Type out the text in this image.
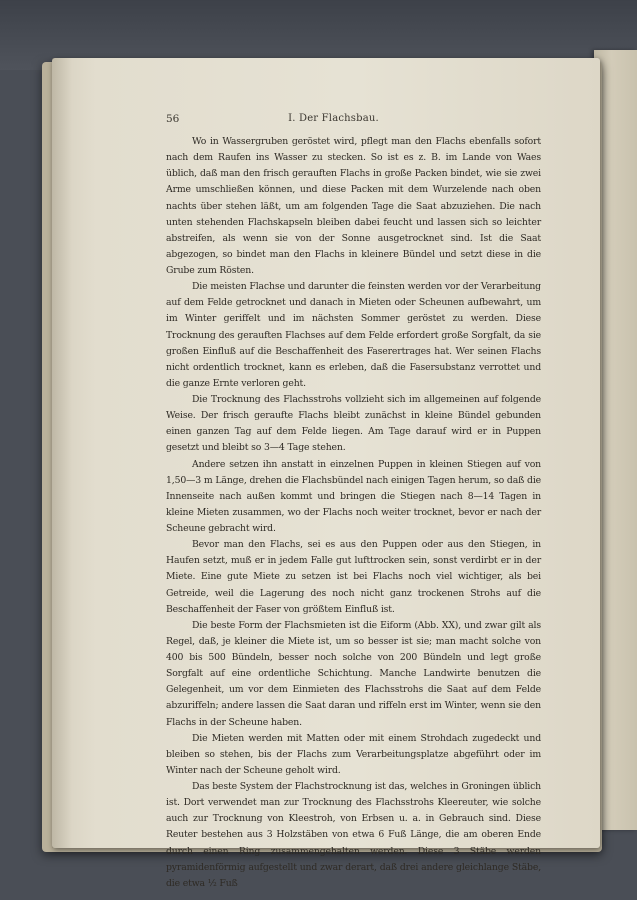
56	I. Der Flachsbau.

Wo in Wassergruben geröstet wird, pflegt man den Flachs ebenfalls sofort nach dem Raufen ins Wasser zu stecken. So ist es z. B. im Lande von Waes üblich, daß man den frisch gerauften Flachs in große Packen bindet, wie sie zwei Arme umschließen können, und diese Packen mit dem Wurzelende nach oben nachts über stehen läßt, um am folgenden Tage die Saat abzuziehen. Die nach unten stehenden Flachskapseln bleiben dabei feucht und lassen sich so leichter abstreifen, als wenn sie von der Sonne ausgetrocknet sind. Ist die Saat abgezogen, so bindet man den Flachs in kleinere Bündel und setzt diese in die Grube zum Rösten.

Die meisten Flachse und darunter die feinsten werden vor der Verarbeitung auf dem Felde getrocknet und danach in Mieten oder Scheunen aufbewahrt, um im Winter geriffelt und im nächsten Sommer geröstet zu werden. Diese Trocknung des gerauften Flachses auf dem Felde erfordert große Sorgfalt, da sie großen Einfluß auf die Beschaffenheit des Faserertrages hat. Wer seinen Flachs nicht ordentlich trocknet, kann es erleben, daß die Fasersubstanz verrottet und die ganze Ernte verloren geht.

Die Trocknung des Flachsstrohs vollzieht sich im allgemeinen auf folgende Weise. Der frisch geraufte Flachs bleibt zunächst in kleine Bündel gebunden einen ganzen Tag auf dem Felde liegen. Am Tage darauf wird er in Puppen gesetzt und bleibt so 3—4 Tage stehen.

Andere setzen ihn anstatt in einzelnen Puppen in kleinen Stiegen auf von 1,50—3 m Länge, drehen die Flachsbündel nach einigen Tagen herum, so daß die Innenseite nach außen kommt und bringen die Stiegen nach 8—14 Tagen in kleine Mieten zusammen, wo der Flachs noch weiter trocknet, bevor er nach der Scheune gebracht wird.

Bevor man den Flachs, sei es aus den Puppen oder aus den Stiegen, in Haufen setzt, muß er in jedem Falle gut lufttrocken sein, sonst verdirbt er in der Miete. Eine gute Miete zu setzen ist bei Flachs noch viel wichtiger, als bei Getreide, weil die Lagerung des noch nicht ganz trockenen Strohs auf die Beschaffenheit der Faser von größtem Einfluß ist.

Die beste Form der Flachsmieten ist die Eiform (Abb. XX), und zwar gilt als Regel, daß, je kleiner die Miete ist, um so besser ist sie; man macht solche von 400 bis 500 Bündeln, besser noch solche von 200 Bündeln und legt große Sorgfalt auf eine ordentliche Schichtung. Manche Landwirte benutzen die Gelegenheit, um vor dem Einmieten des Flachsstrohs die Saat auf dem Felde abzuriffeln; andere lassen die Saat daran und riffeln erst im Winter, wenn sie den Flachs in der Scheune haben.

Die Mieten werden mit Matten oder mit einem Strohdach zugedeckt und bleiben so stehen, bis der Flachs zum Verarbeitungsplatze abgeführt oder im Winter nach der Scheune geholt wird.

Das beste System der Flachstrocknung ist das, welches in Groningen üblich ist. Dort verwendet man zur Trocknung des Flachsstrohs Kleereuter, wie solche auch zur Trocknung von Kleestroh, von Erbsen u. a. in Gebrauch sind. Diese Reuter bestehen aus 3 Holzstäben von etwa 6 Fuß Länge, die am oberen Ende durch einen Ring zusammengehalten werden. Diese 3 Stäbe werden pyramidenförmig aufgestellt und zwar derart, daß drei andere gleichlange Stäbe, die etwa ½ Fuß
